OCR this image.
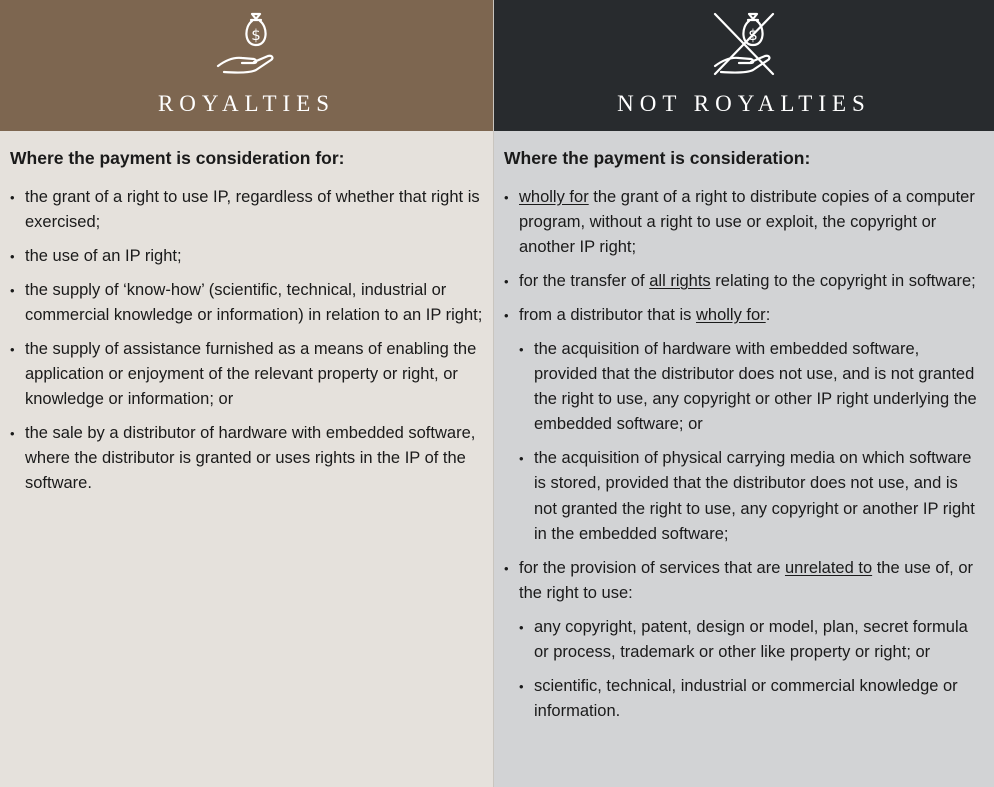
$
ROYALTIES
Where the payment is consideration for:
• the grant of a right to use IP, regardless of whether that right is exercised;
• the use of an IP right;
• the supply of ‘know-how’ (scientific, technical, industrial or commercial knowledge or information) in relation to an IP right;
• the supply of assistance furnished as a means of enabling the application or enjoyment of the relevant property or right, or knowledge or information; or
• the sale by a distributor of hardware with embedded software, where the distributor is granted or uses rights in the IP of the software.
$
NOT ROYALTIES
Where the payment is consideration:
• wholly for the grant of a right to distribute copies of a computer program, without a right to use or exploit, the copyright or another IP right;
• for the transfer of all rights relating to the copyright in software;
• from a distributor that is wholly for:
• the acquisition of hardware with embedded software, provided that the distributor does not use, and is not granted the right to use, any copyright or other IP right underlying the embedded software; or
• the acquisition of physical carrying media on which software is stored, provided that the distributor does not use, and is not granted the right to use, any copyright or another IP right in the embedded software;
• for the provision of services that are unrelated to the use of, or the right to use:
• any copyright, patent, design or model, plan, secret formula or process, trademark or other like property or right; or
• scientific, technical, industrial or commercial knowledge or information.
